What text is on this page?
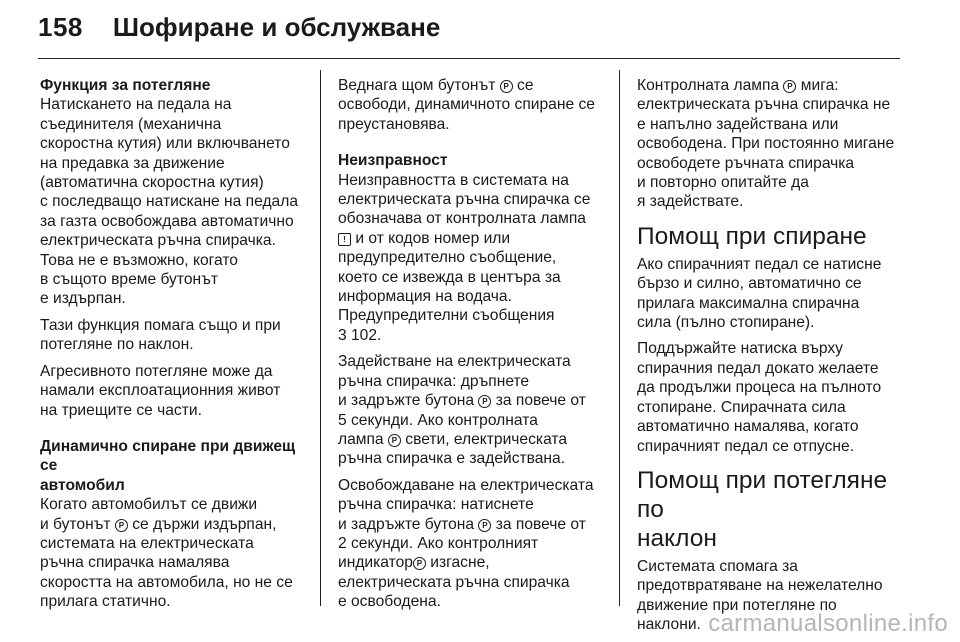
158 Шофиране и обслужване

Функция за потегляне

Натискането на педала на
съединителя (механична
скоростна кутия) или включването
на предавка за движение
(автоматична скоростна кутия)
с последващо натискане на педала
за газта освобождава автоматично
електрическата ръчна спирачка.
Това не е възможно, когато
в същото време бутонът
е издърпан.

Тази функция помага също и при
потегляне по наклон.

Агресивното потегляне може да
намали експлоатационния живот
на триещите се части.

Динамично спиране при движещ се
автомобил

Когато автомобилът се движи
и бутонът P се държи издърпан,
системата на електрическата
ръчна спирачка намалява
скоростта на автомобила, но не се
прилага статично.

Веднага щом бутонът P се
освободи, динамичното спиране се
преустановява.

Неизправност

Неизправността в системата на
електрическата ръчна спирачка се
обозначава от контролната лампа
! и от кодов номер или
предупредително съобщение,
което се извежда в центъра за
информация на водача.
Предупредителни съобщения
3 102.

Задействане на електрическата
ръчна спирачка: дръпнете
и задръжте бутона P за повече от
5 секунди. Ако контролната
лампа P свети, електрическата
ръчна спирачка е задействана.

Освобождаване на електрическата
ръчна спирачка: натиснете
и задръжте бутона P за повече от
2 секунди. Ако контролният
индикатор P изгасне,
електрическата ръчна спирачка
е освободена.

Контролната лампа P мига:
електрическата ръчна спирачка не
е напълно задействана или
освободена. При постоянно мигане
освободете ръчната спирачка
и повторно опитайте да
я задействате.

Помощ при спиране

Ако спирачният педал се натисне
бързо и силно, автоматично се
прилага максимална спирачна
сила (пълно стопиране).

Поддържайте натиска върху
спирачния педал докато желаете
да продължи процеса на пълното
стопиране. Спирачната сила
автоматично намалява, когато
спирачният педал се отпусне.

Помощ при потегляне по
наклон

Системата спомага за
предотвратяване на нежелателно
движение при потегляне по
наклони. carmanualsonline.info
